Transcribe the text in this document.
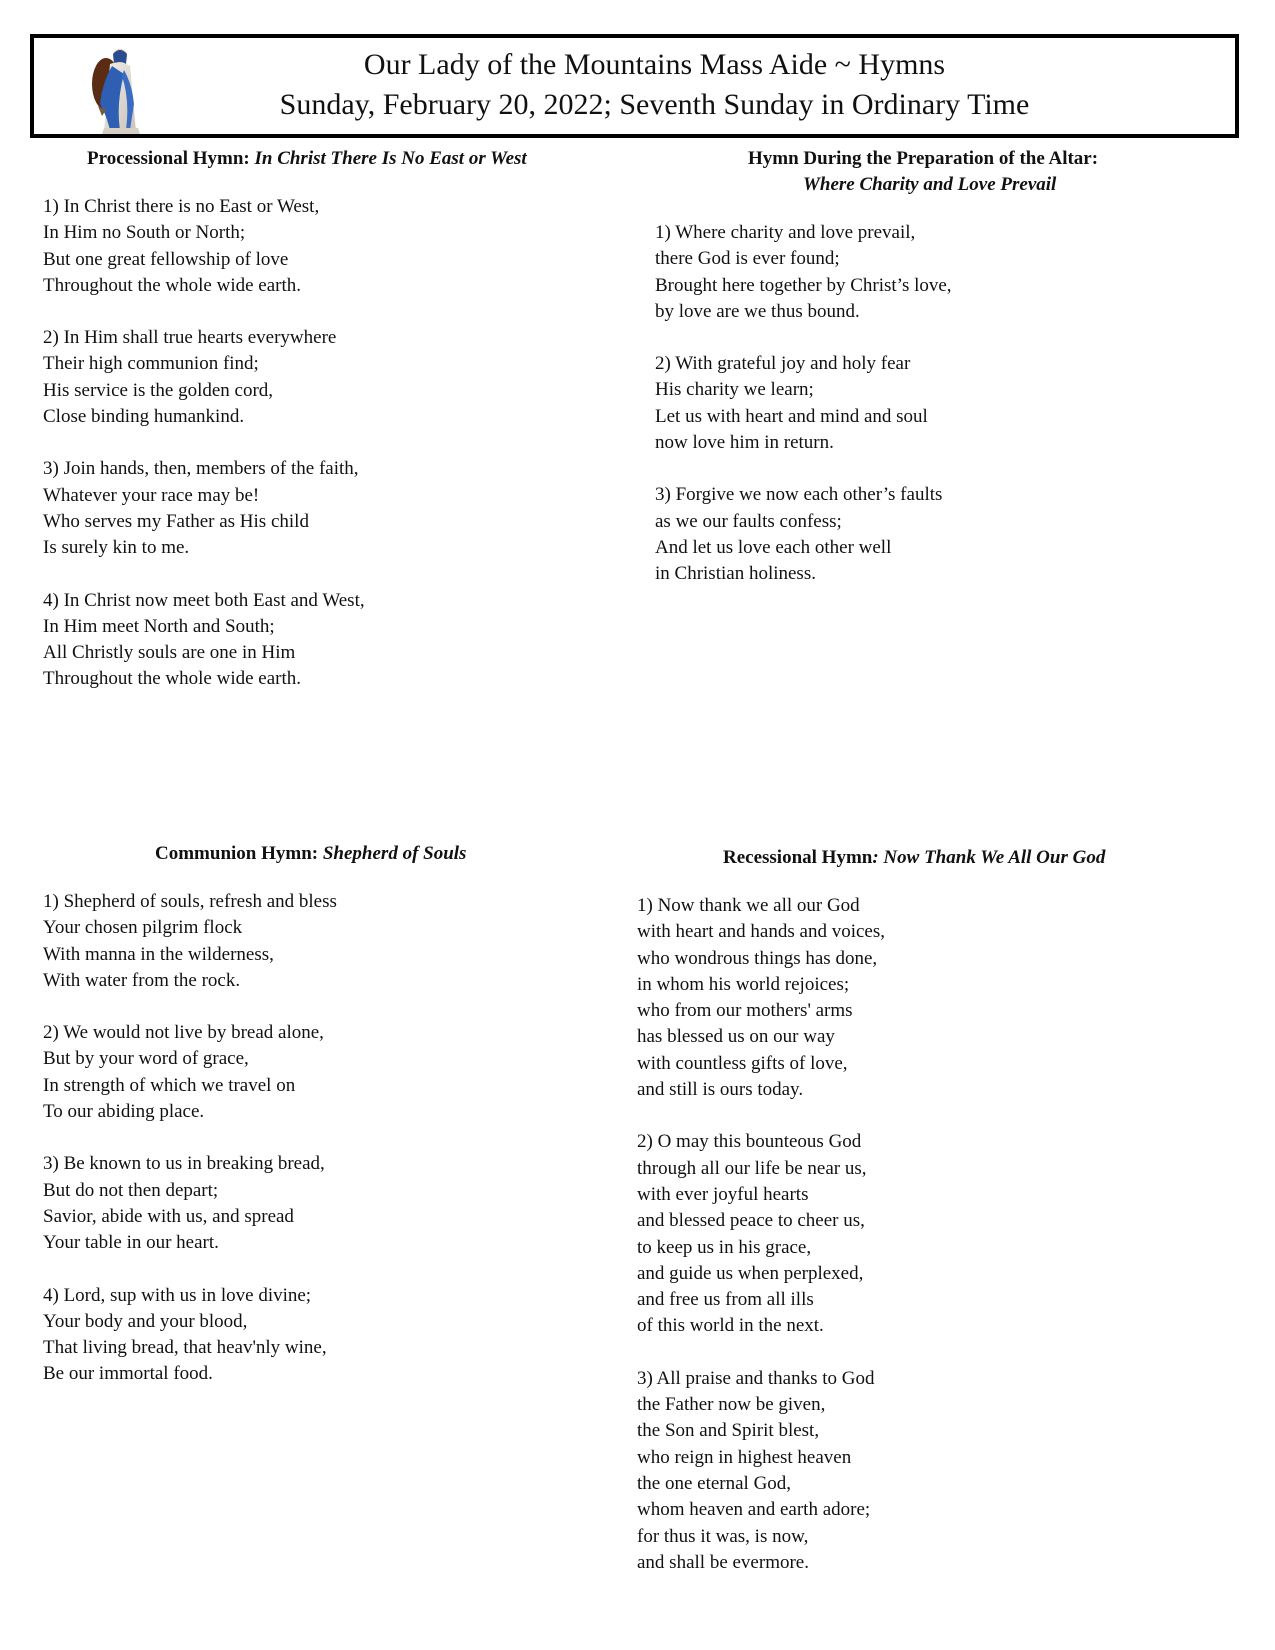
Our Lady of the Mountains Mass Aide ~ Hymns
Sunday, February 20, 2022; Seventh Sunday in Ordinary Time
Processional Hymn: In Christ There Is No East or West
1) In Christ there is no East or West,
In Him no South or North;
But one great fellowship of love
Throughout the whole wide earth.
2) In Him shall true hearts everywhere
Their high communion find;
His service is the golden cord,
Close binding humankind.
3) Join hands, then, members of the faith,
Whatever your race may be!
Who serves my Father as His child
Is surely kin to me.
4) In Christ now meet both East and West,
In Him meet North and South;
All Christly souls are one in Him
Throughout the whole wide earth.
Hymn During the Preparation of the Altar:
Where Charity and Love Prevail
1) Where charity and love prevail,
there God is ever found;
Brought here together by Christ’s love,
by love are we thus bound.
2) With grateful joy and holy fear
His charity we learn;
Let us with heart and mind and soul
now love him in return.
3) Forgive we now each other’s faults
as we our faults confess;
And let us love each other well
in Christian holiness.
Communion Hymn: Shepherd of Souls
1) Shepherd of souls, refresh and bless
Your chosen pilgrim flock
With manna in the wilderness,
With water from the rock.
2) We would not live by bread alone,
But by your word of grace,
In strength of which we travel on
To our abiding place.
3) Be known to us in breaking bread,
But do not then depart;
Savior, abide with us, and spread
Your table in our heart.
4) Lord, sup with us in love divine;
Your body and your blood,
That living bread, that heav'nly wine,
Be our immortal food.
Recessional Hymn: Now Thank We All Our God
1) Now thank we all our God
with heart and hands and voices,
who wondrous things has done,
in whom his world rejoices;
who from our mothers' arms
has blessed us on our way
with countless gifts of love,
and still is ours today.
2) O may this bounteous God
through all our life be near us,
with ever joyful hearts
and blessed peace to cheer us,
to keep us in his grace,
and guide us when perplexed,
and free us from all ills
of this world in the next.
3) All praise and thanks to God
the Father now be given,
the Son and Spirit blest,
who reign in highest heaven
the one eternal God,
whom heaven and earth adore;
for thus it was, is now,
and shall be evermore.
